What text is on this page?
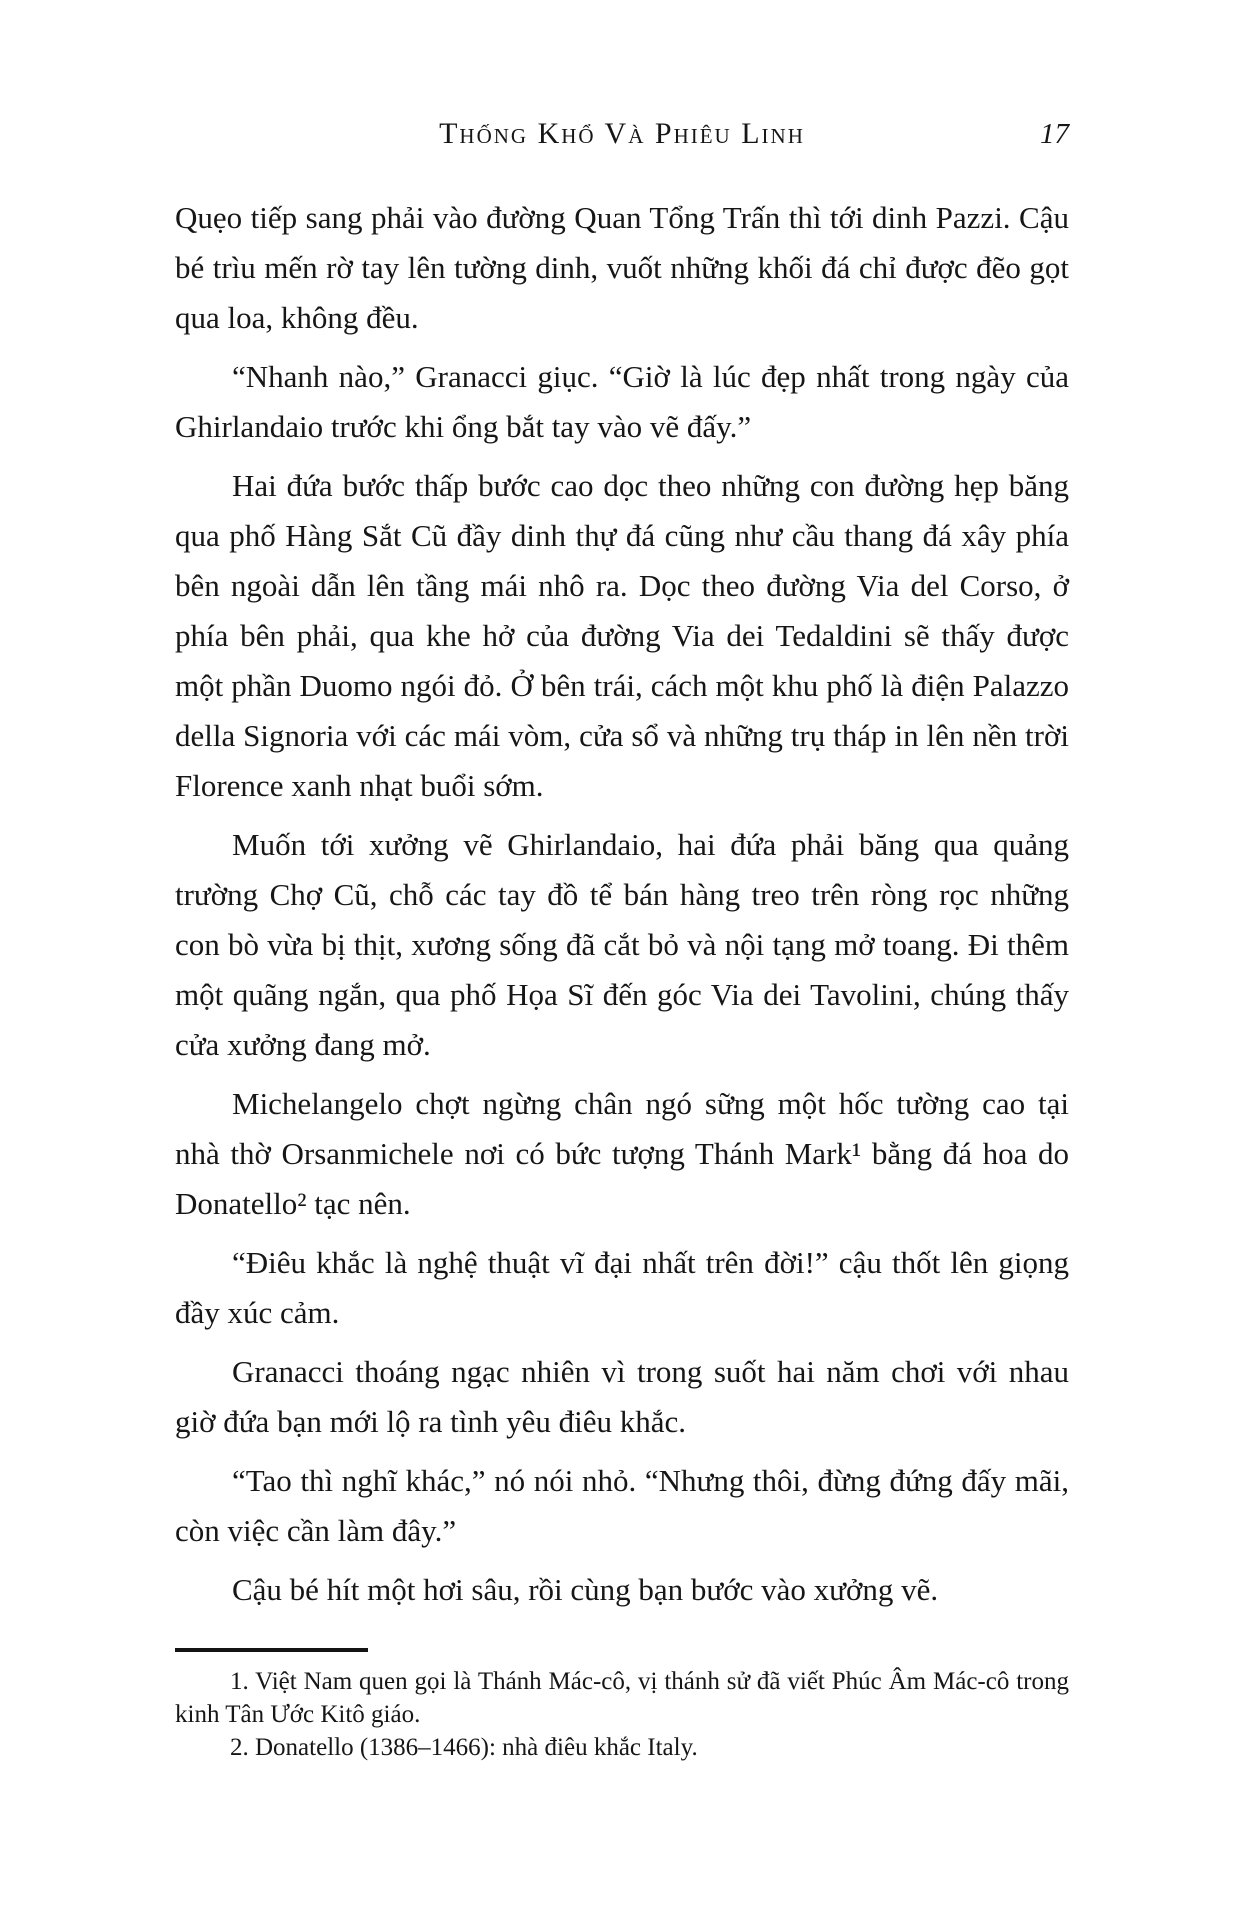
Thống Khổ Và Phiêu Linh	17

Quẹo tiếp sang phải vào đường Quan Tổng Trấn thì tới dinh Pazzi. Cậu bé trìu mến rờ tay lên tường dinh, vuốt những khối đá chỉ được đẽo gọt qua loa, không đều.

“Nhanh nào,” Granacci giục. “Giờ là lúc đẹp nhất trong ngày của Ghirlandaio trước khi ổng bắt tay vào vẽ đấy.”

Hai đứa bước thấp bước cao dọc theo những con đường hẹp băng qua phố Hàng Sắt Cũ đầy dinh thự đá cũng như cầu thang đá xây phía bên ngoài dẫn lên tầng mái nhô ra. Dọc theo đường Via del Corso, ở phía bên phải, qua khe hở của đường Via dei Tedaldini sẽ thấy được một phần Duomo ngói đỏ. Ở bên trái, cách một khu phố là điện Palazzo della Signoria với các mái vòm, cửa sổ và những trụ tháp in lên nền trời Florence xanh nhạt buổi sớm.

Muốn tới xưởng vẽ Ghirlandaio, hai đứa phải băng qua quảng trường Chợ Cũ, chỗ các tay đồ tể bán hàng treo trên ròng rọc những con bò vừa bị thịt, xương sống đã cắt bỏ và nội tạng mở toang. Đi thêm một quãng ngắn, qua phố Họa Sĩ đến góc Via dei Tavolini, chúng thấy cửa xưởng đang mở.

Michelangelo chợt ngừng chân ngó sững một hốc tường cao tại nhà thờ Orsanmichele nơi có bức tượng Thánh Mark¹ bằng đá hoa do Donatello² tạc nên.

“Điêu khắc là nghệ thuật vĩ đại nhất trên đời!” cậu thốt lên giọng đầy xúc cảm.

Granacci thoáng ngạc nhiên vì trong suốt hai năm chơi với nhau giờ đứa bạn mới lộ ra tình yêu điêu khắc.

“Tao thì nghĩ khác,” nó nói nhỏ. “Nhưng thôi, đừng đứng đấy mãi, còn việc cần làm đây.”

Cậu bé hít một hơi sâu, rồi cùng bạn bước vào xưởng vẽ.

1. Việt Nam quen gọi là Thánh Mác-cô, vị thánh sử đã viết Phúc Âm Mác-cô trong kinh Tân Ước Kitô giáo.

2. Donatello (1386–1466): nhà điêu khắc Italy.
